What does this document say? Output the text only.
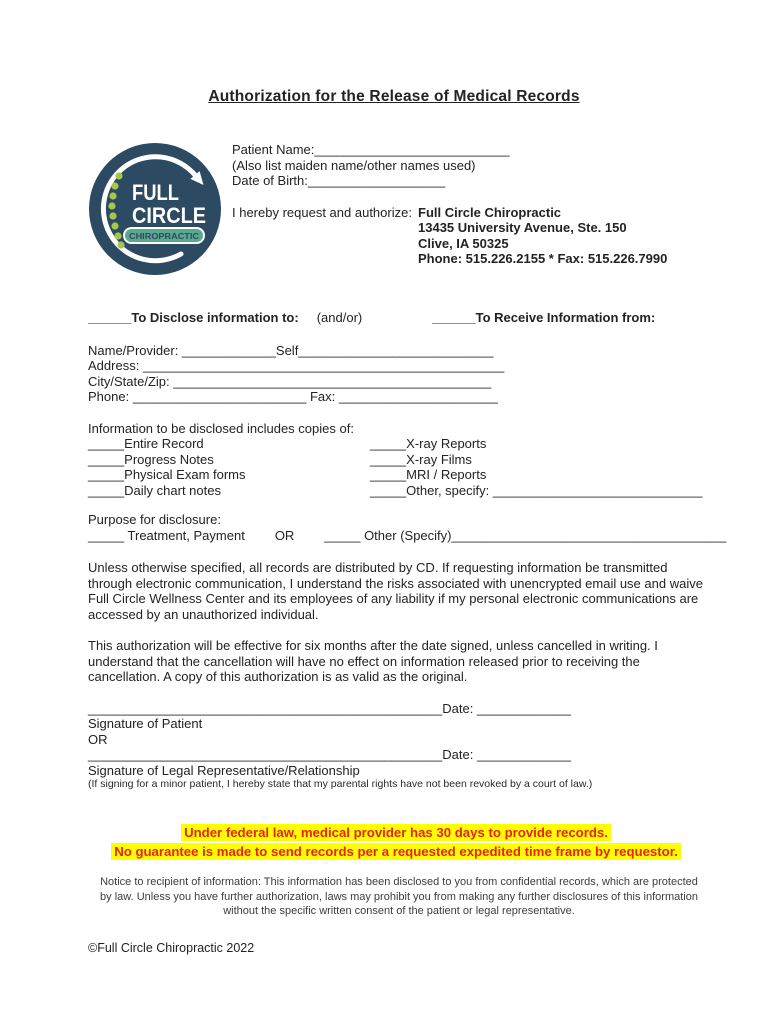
Authorization for the Release of Medical Records
FULL
CIRCLE
CHIROPRACTIC
Patient Name:___________________________
(Also list maiden name/other names used)
Date of Birth:___________________
I hereby request and authorize: Full Circle Chiropractic
13435 University Avenue, Ste. 150
Clive, IA 50325
Phone: 515.226.2155 * Fax: 515.226.7990
______To Disclose information to: (and/or)	______To Receive Information from:
Name/Provider: _____________Self___________________________
Address: __________________________________________________
City/State/Zip: ____________________________________________
Phone: ________________________ Fax: ______________________
Information to be disclosed includes copies of:
_____Entire Record	_____X-ray Reports
_____Progress Notes	_____X-ray Films
_____Physical Exam forms	_____MRI / Reports
_____Daily chart notes	_____Other, specify: _____________________________
Purpose for disclosure:
_____ Treatment, Payment OR _____ Other (Specify)______________________________________

Unless otherwise specified, all records are distributed by CD. If requesting information be transmitted through electronic communication, I understand the risks associated with unencrypted email use and waive Full Circle Wellness Center and its employees of any liability if my personal electronic communications are accessed by an unauthorized individual.

This authorization will be effective for six months after the date signed, unless cancelled in writing. I understand that the cancellation will have no effect on information released prior to receiving the cancellation. A copy of this authorization is as valid as the original.

_________________________________________________Date: _____________
Signature of Patient
OR
_________________________________________________Date: _____________
Signature of Legal Representative/Relationship
(If signing for a minor patient, I hereby state that my parental rights have not been revoked by a court of law.)
Under federal law, medical provider has 30 days to provide records.
No guarantee is made to send records per a requested expedited time frame by requestor.
Notice to recipient of information: This information has been disclosed to you from confidential records, which are protected by law. Unless you have further authorization, laws may prohibit you from making any further disclosures of this information without the specific written consent of the patient or legal representative.
©Full Circle Chiropractic 2022
